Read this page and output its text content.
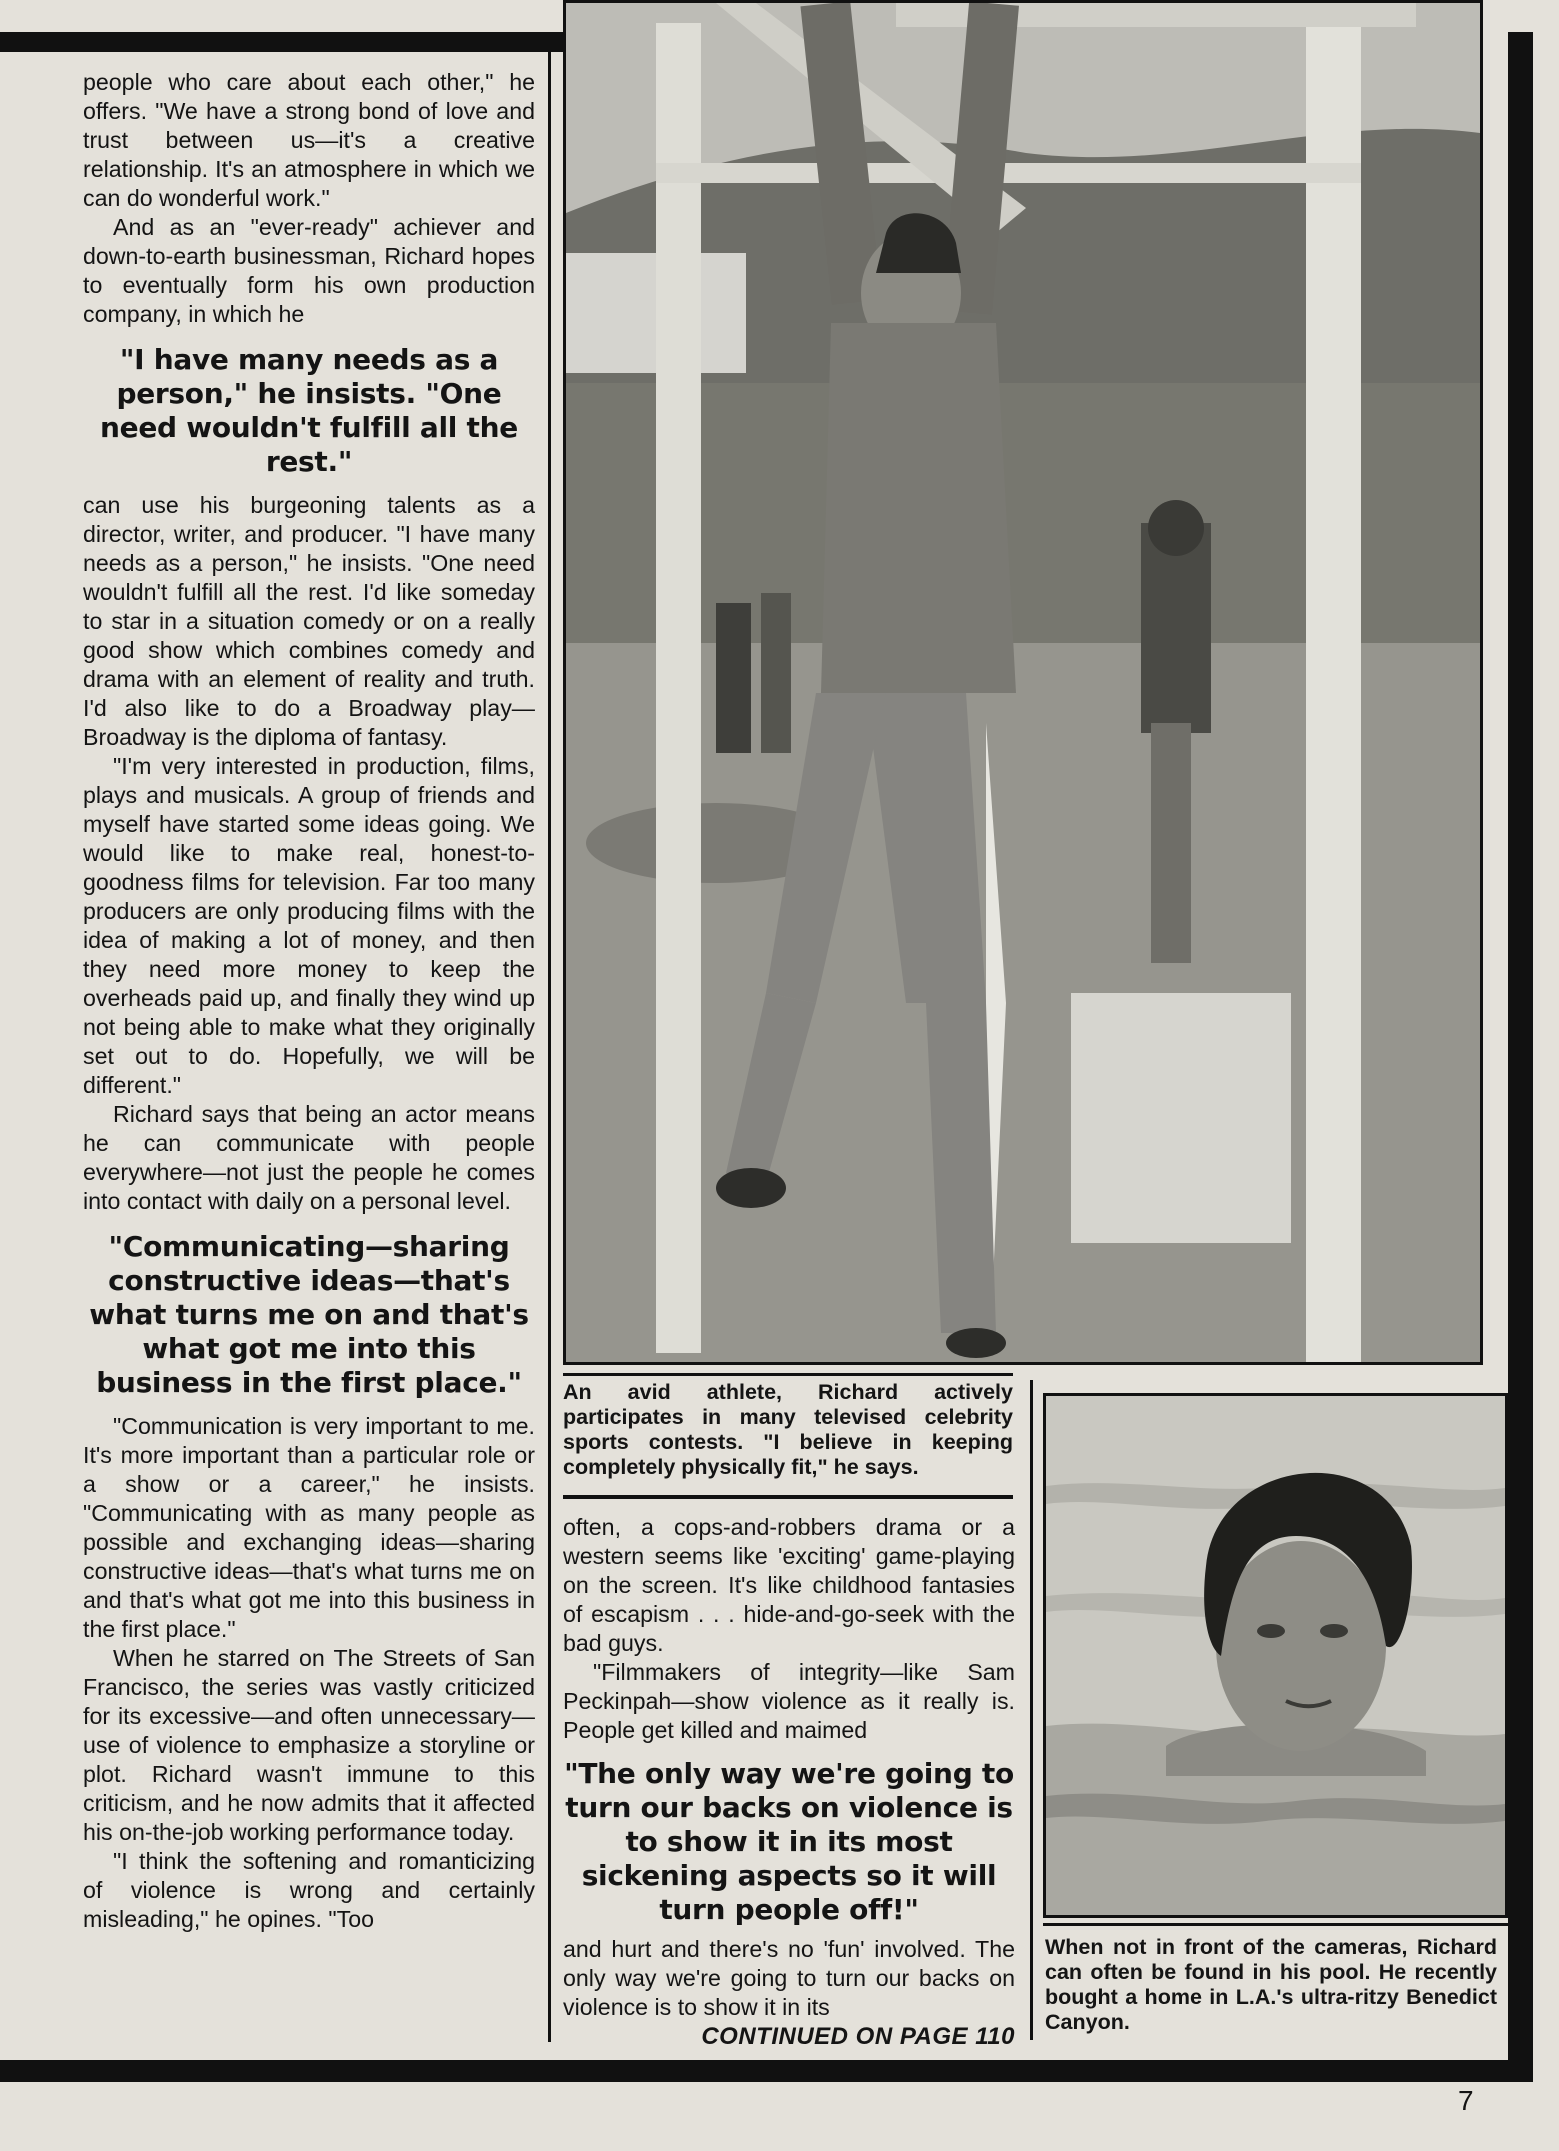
people who care about each other," he offers. "We have a strong bond of love and trust between us—it's a creative relationship. It's an atmosphere in which we can do wonderful work."

And as an "ever-ready" achiever and down-to-earth businessman, Richard hopes to eventually form his own production company, in which he

"I have many needs as a person," he insists. "One need wouldn't fulfill all the rest."

can use his burgeoning talents as a director, writer, and producer. "I have many needs as a person," he insists. "One need wouldn't fulfill all the rest. I'd like someday to star in a situation comedy or on a really good show which combines comedy and drama with an element of reality and truth. I'd also like to do a Broadway play—Broadway is the diploma of fantasy.

"I'm very interested in production, films, plays and musicals. A group of friends and myself have started some ideas going. We would like to make real, honest-to-goodness films for television. Far too many producers are only producing films with the idea of making a lot of money, and then they need more money to keep the overheads paid up, and finally they wind up not being able to make what they originally set out to do. Hopefully, we will be different."

Richard says that being an actor means he can communicate with people everywhere—not just the people he comes into contact with daily on a personal level.

"Communicating—sharing constructive ideas—that's what turns me on and that's what got me into this business in the first place."

"Communication is very important to me. It's more important than a particular role or a show or a career," he insists. "Communicating with as many people as possible and exchanging ideas—sharing constructive ideas—that's what turns me on and that's what got me into this business in the first place."

When he starred on The Streets of San Francisco, the series was vastly criticized for its excessive—and often unnecessary—use of violence to emphasize a storyline or plot. Richard wasn't immune to this criticism, and he now admits that it affected his on-the-job working performance today.

"I think the softening and romanticizing of violence is wrong and certainly misleading," he opines. "Too

An avid athlete, Richard actively participates in many televised celebrity sports contests. "I believe in keeping completely physically fit," he says.

often, a cops-and-robbers drama or a western seems like 'exciting' game-playing on the screen. It's like childhood fantasies of escapism . . . hide-and-go-seek with the bad guys.

"Filmmakers of integrity—like Sam Peckinpah—show violence as it really is. People get killed and maimed

"The only way we're going to turn our backs on violence is to show it in its most sickening aspects so it will turn people off!"

and hurt and there's no 'fun' involved. The only way we're going to turn our backs on violence is to show it in its

CONTINUED ON PAGE 110
When not in front of the cameras, Richard can often be found in his pool. He recently bought a home in L.A.'s ultra-ritzy Benedict Canyon.
7
